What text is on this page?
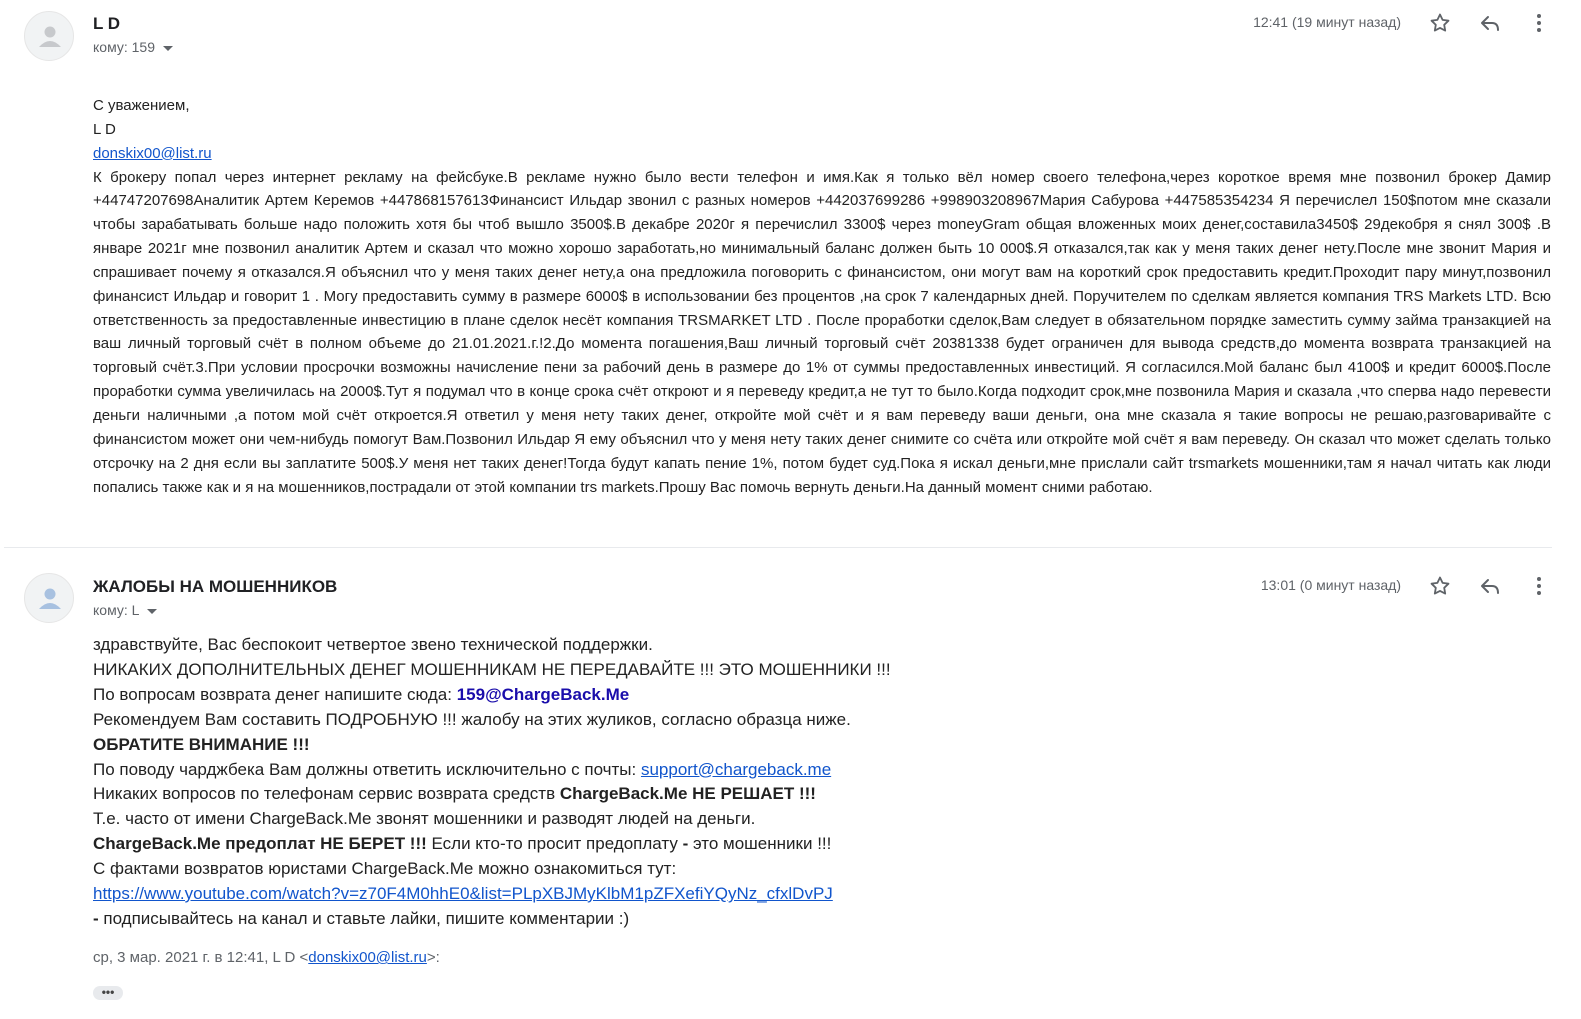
L D
кому: 159
12:41 (19 минут назад)

С уважением,

L D

donskix00@list.ru

К брокеру попал через интернет рекламу на фейсбуке.В рекламе нужно было вести телефон и имя.Как я только вёл номер своего телефона,через короткое время мне позвонил брокер Дамир +44747207698Аналитик Артем Керемов +447868157613Финансист Ильдар звонил с разных номеров +442037699286 +998903208967Мария Сабурова +447585354234 Я перечислел 150$потом мне сказали чтобы зарабатывать больше надо положить хотя бы чтоб вышло 3500$.В декабре 2020г я перечислил 3300$ через moneyGram общая вложенных моих денег,составила3450$ 29декобря я снял 300$ .В январе 2021г мне позвонил аналитик Артем и сказал что можно хорошо заработать,но минимальный баланс должен быть 10 000$.Я отказался,так как у меня таких денег нету.После мне звонит Мария и спрашивает почему я отказался.Я объяснил что у меня таких денег нету,а она предложила поговорить с финансистом, они могут вам на короткий срок предоставить кредит.Проходит пару минут,позвонил финансист Ильдар и говорит 1 . Могу предоставить сумму в размере 6000$ в использовании без процентов ,на срок 7 календарных дней. Поручителем по сделкам является компания TRS Markets LTD. Всю ответственность за предоставленные инвестицию в плане сделок несёт компания TRSMARKET LTD . После проработки сделок,Вам следует в обязательном порядке заместить сумму займа транзакцией на ваш личный торговый счёт в полном объеме до 21.01.2021.г.!2.До момента погашения,Ваш личный торговый счёт 20381338 будет ограничен для вывода средств,до момента возврата транзакцией на торговый счёт.3.При условии просрочки возможны начисление пени за рабочий день в размере до 1% от суммы предоставленных инвестиций. Я согласился.Мой баланс был 4100$ и кредит 6000$.После проработки сумма увеличилась на 2000$.Тут я подумал что в конце срока счёт откроют и я переведу кредит,а не тут то было.Когда подходит срок,мне позвонила Мария и сказала ,что сперва надо перевести деньги наличными ,а потом мой счёт откроется.Я ответил у меня нету таких денег, откройте мой счёт и я вам переведу ваши деньги, она мне сказала я такие вопросы не решаю,разговаривайте с финансистом может они чем-нибудь помогут Вам.Позвонил Ильдар Я ему объяснил что у меня нету таких денег снимите со счёта или откройте мой счёт я вам переведу. Он сказал что может сделать только отсрочку на 2 дня если вы заплатите 500$.У меня нет таких денег!Тогда будут капать пение 1%, потом будет суд.Пока я искал деньги,мне прислали сайт trsmarkets мошенники,там я начал читать как люди попались также как и я на мошенников,пострадали от этой компании trs markets.Прошу Вас помочь вернуть деньги.На данный момент сними работаю.

ЖАЛОБЫ НА МОШЕННИКОВ
кому: L
13:01 (0 минут назад)

здравствуйте, Вас беспокоит четвертое звено технической поддержки.

НИКАКИХ ДОПОЛНИТЕЛЬНЫХ ДЕНЕГ МОШЕННИКАМ НЕ ПЕРЕДАВАЙТЕ !!! ЭТО МОШЕННИКИ !!!

По вопросам возврата денег напишите сюда: 159@ChargeBack.Me

Рекомендуем Вам составить ПОДРОБНУЮ !!! жалобу на этих жуликов, согласно образца ниже.

ОБРАТИТЕ ВНИМАНИЕ !!!

По поводу чарджбека Вам должны ответить исключительно с почты: support@chargeback.me

Никаких вопросов по телефонам сервис возврата средств ChargeBack.Me НЕ РЕШАЕТ !!!

Т.е. часто от имени ChargeBack.Me звонят мошенники и разводят людей на деньги.

ChargeBack.Me предоплат НЕ БЕРЕТ !!! Если кто-то просит предоплату - это мошенники !!!

С фактами возвратов юристами ChargeBack.Me можно ознакомиться тут:

https://www.youtube.com/watch?v=z70F4M0hhE0&list=PLpXBJMyKlbM1pZFXefiYQyNz_cfxlDvPJ

- подписывайтесь на канал и ставьте лайки, пишите комментарии :)

ср, 3 мар. 2021 г. в 12:41, L D <donskix00@list.ru>:
•••
